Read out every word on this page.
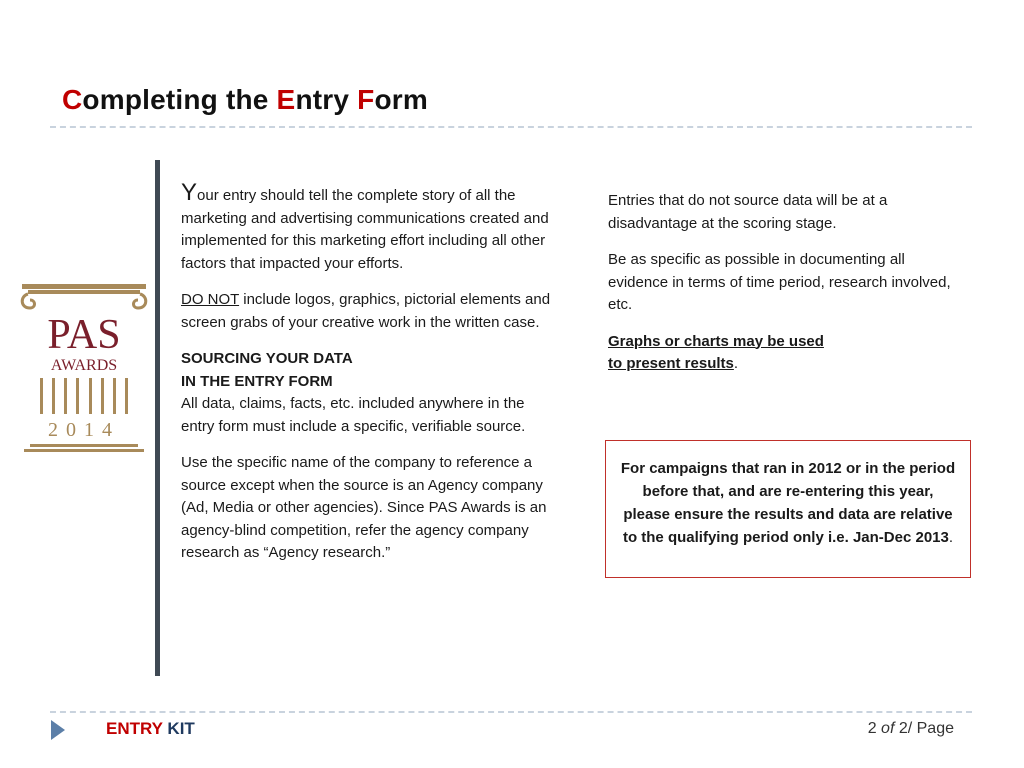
Completing the Entry Form
PAS
AWARDS
2014

Your entry should tell the complete story of all the marketing and advertising communications created and implemented for this marketing effort including all other factors that impacted your efforts.

DO NOT include logos, graphics, pictorial elements and screen grabs of your creative work in the written case.

SOURCING YOUR DATA
IN THE ENTRY FORM

All data, claims, facts, etc. included anywhere in the entry form must include a specific, verifiable source.

Use the specific name of the company to reference a source except when the source is an Agency company (Ad, Media or other agencies). Since PAS Awards is an agency-blind competition, refer the agency company research as “Agency research.”

Entries that do not source data will be at a disadvantage at the scoring stage.

Be as specific as possible in documenting all evidence in terms of time period, research involved, etc.

Graphs or charts may be used
to present results.

For campaigns that ran in 2012 or in the period before that, and are re-entering this year, please ensure the results and data are relative to the qualifying period only i.e. Jan-Dec 2013.
ENTRY KIT	2 of 2/ Page
